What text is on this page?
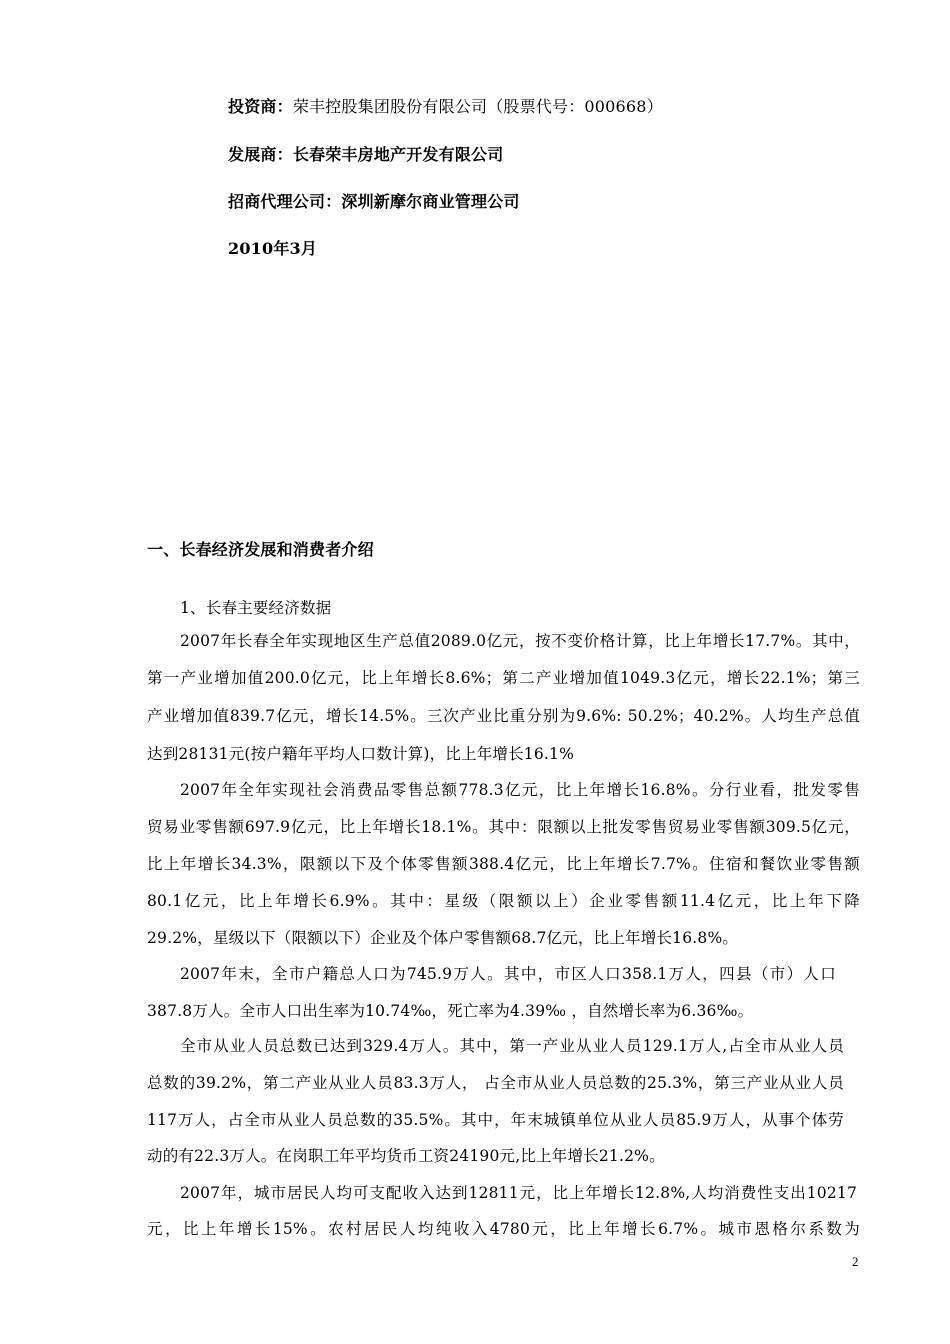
投资商：荣丰控股集团股份有限公司（股票代号：000668）
发展商：长春荣丰房地产开发有限公司
招商代理公司：深圳新摩尔商业管理公司
2010年3月
一、长春经济发展和消费者介绍
1、长春主要经济数据
2007年长春全年实现地区生产总值2089.0亿元，按不变价格计算，比上年增长17.7%。其中，
第一产业增加值200.0亿元，比上年增长8.6%；第二产业增加值1049.3亿元，增长22.1%；第三
产业增加值839.7亿元，增长14.5%。三次产业比重分别为9.6%: 50.2%；40.2%。人均生产总值
达到28131元(按户籍年平均人口数计算)，比上年增长16.1%
2007年全年实现社会消费品零售总额778.3亿元，比上年增长16.8%。分行业看，批发零售
贸易业零售额697.9亿元，比上年增长18.1%。其中：限额以上批发零售贸易业零售额309.5亿元，
比上年增长34.3%，限额以下及个体零售额388.4亿元，比上年增长7.7%。住宿和餐饮业零售额
80.1亿元，比上年增长6.9%。其中：星级（限额以上）企业零售额11.4亿元，比上年下降
29.2%，星级以下（限额以下）企业及个体户零售额68.7亿元，比上年增长16.8%。
2007年末，全市户籍总人口为745.9万人。其中，市区人口358.1万人，四县（市）人口
387.8万人。全市人口出生率为10.74‰，死亡率为4.39‰ ，自然增长率为6.36‰。
全市从业人员总数已达到329.4万人。其中，第一产业从业人员129.1万人,占全市从业人员
总数的39.2%，第二产业从业人员83.3万人， 占全市从业人员总数的25.3%，第三产业从业人员
117万人，占全市从业人员总数的35.5%。其中，年末城镇单位从业人员85.9万人，从事个体劳
动的有22.3万人。在岗职工年平均货币工资24190元,比上年增长21.2%。
2007年，城市居民人均可支配收入达到12811元，比上年增长12.8%,人均消费性支出10217
元，比上年增长15%。农村居民人均纯收入4780元，比上年增长6.7%。城市恩格尔系数为
2
